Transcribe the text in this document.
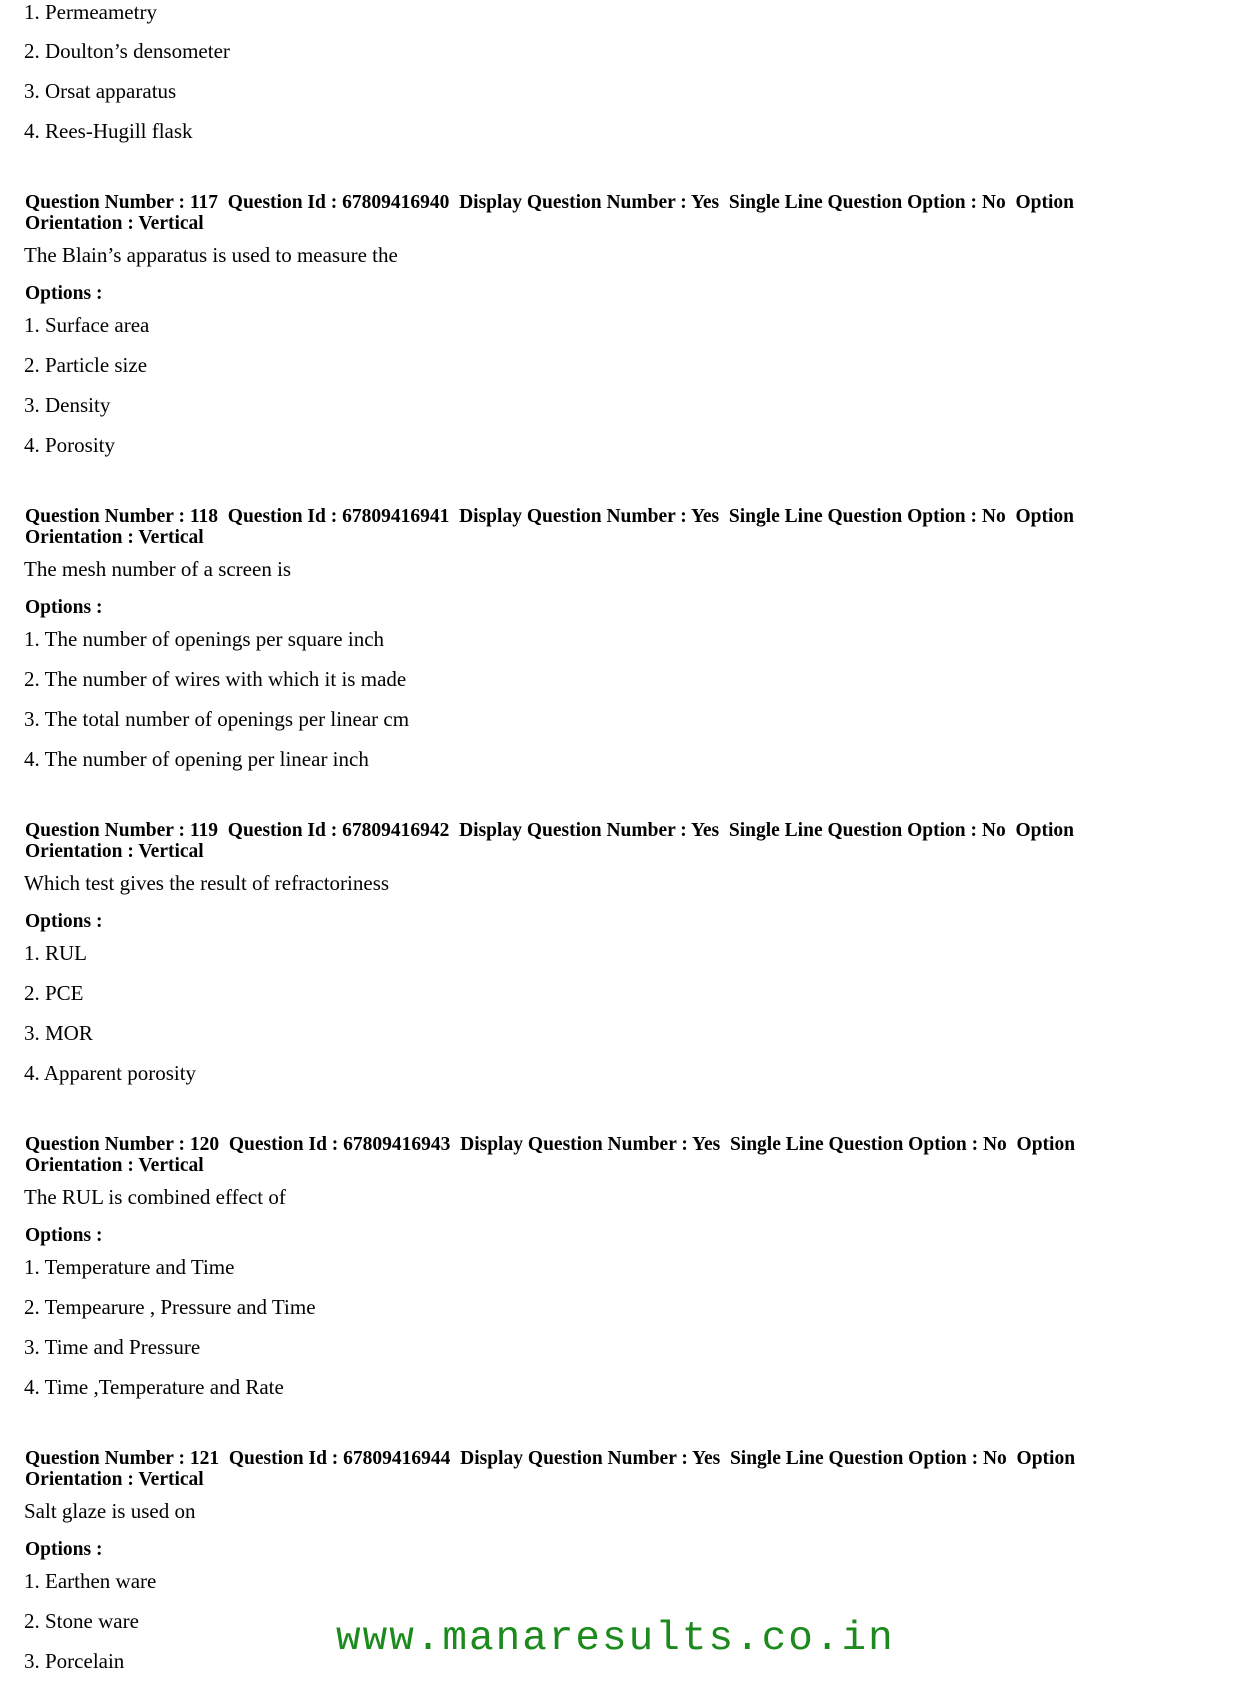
1. Permeametry
2. Doulton’s densometer
3. Orsat apparatus
4. Rees-Hugill flask
Question Number : 117  Question Id : 67809416940  Display Question Number : Yes  Single Line Question Option : No  Option
Orientation : Vertical
The Blain’s apparatus is used to measure the
Options :
1. Surface area
2. Particle size
3. Density
4. Porosity
Question Number : 118  Question Id : 67809416941  Display Question Number : Yes  Single Line Question Option : No  Option
Orientation : Vertical
The mesh number of a screen is
Options :
1. The number of openings per square inch
2. The number of wires with which it is made
3. The total number of openings per linear cm
4. The number of opening per linear inch
Question Number : 119  Question Id : 67809416942  Display Question Number : Yes  Single Line Question Option : No  Option
Orientation : Vertical
Which test gives the result of refractoriness
Options :
1. RUL
2. PCE
3. MOR
4. Apparent porosity
Question Number : 120  Question Id : 67809416943  Display Question Number : Yes  Single Line Question Option : No  Option
Orientation : Vertical
The RUL is combined effect of
Options :
1. Temperature and Time
2. Tempearure , Pressure and Time
3. Time and Pressure
4. Time ,Temperature and Rate
Question Number : 121  Question Id : 67809416944  Display Question Number : Yes  Single Line Question Option : No  Option
Orientation : Vertical
Salt glaze is used on
Options :
1. Earthen ware
2. Stone ware
3. Porcelain	www.manaresults.co.in
